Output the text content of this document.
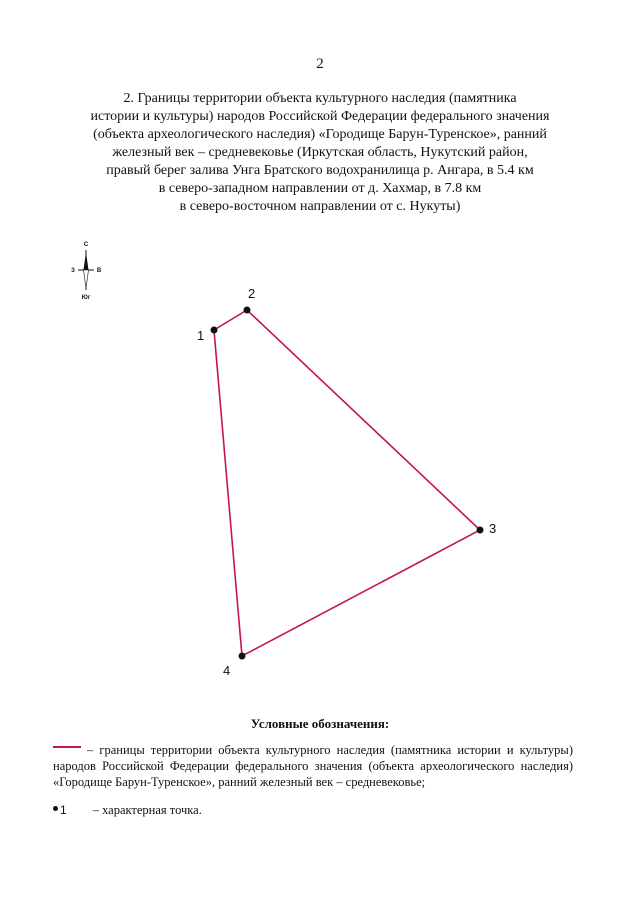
2
2. Границы территории объекта культурного наследия (памятника
истории и культуры) народов Российской Федерации федерального значения
(объекта археологического наследия) «Городище Барун-Туренское», ранний
железный век – средневековье (Иркутская область, Нукутский район,
правый берег залива Унга Братского водохранилища р. Ангара, в 5.4 км
в северо-западном направлении от д. Хахмар, в 7.8 км
в северо-восточном направлении от с. Нукуты)
С
З	В
Юг
1
2
3
4
Условные обозначения:
– границы территории объекта культурного наследия (памятника истории и культуры) народов Российской Федерации федерального значения (объекта археологического наследия) «Городище Барун-Туренское», ранний железный век – средневековье;
1 – характерная точка.
